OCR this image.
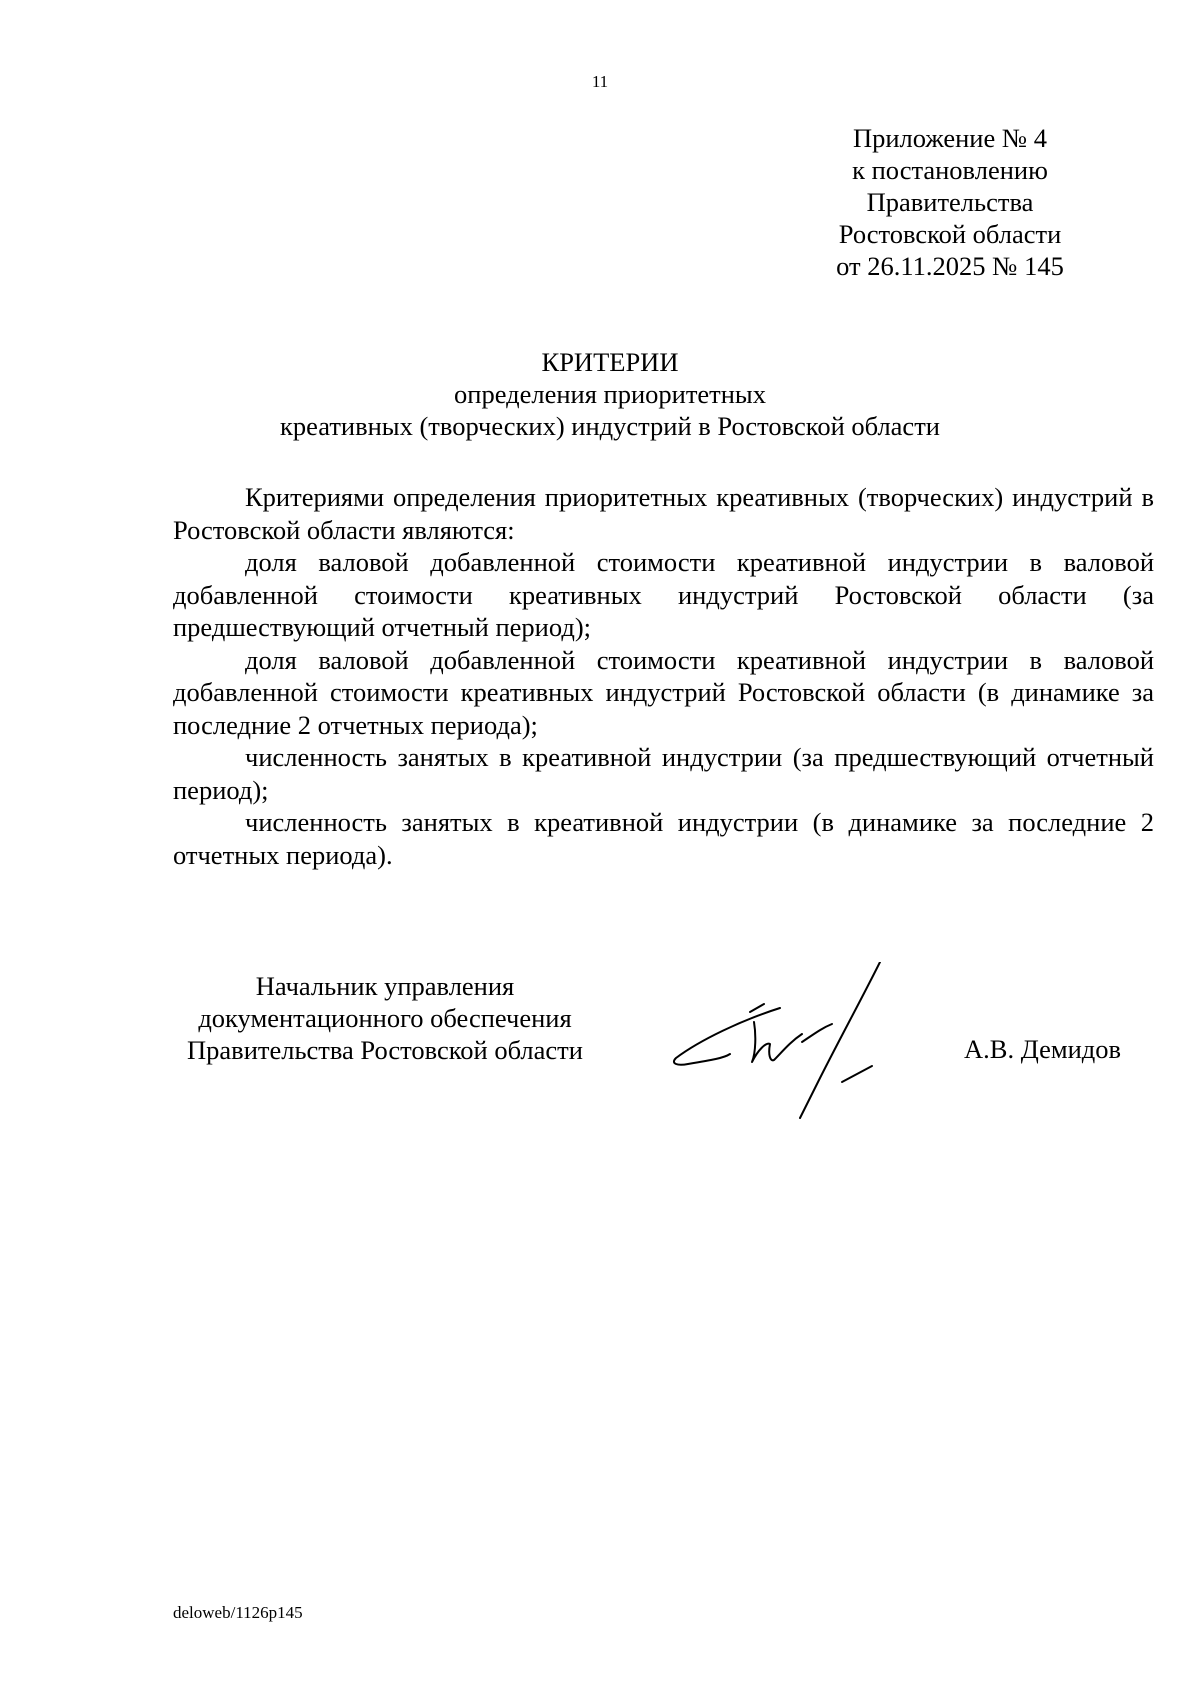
11
Приложение № 4
к постановлению
Правительства
Ростовской области
от 26.11.2025 № 145
КРИТЕРИИ
определения приоритетных
креативных (творческих) индустрий в Ростовской области

Критериями определения приоритетных креативных (творческих) индустрий в Ростовской области являются:

доля валовой добавленной стоимости креативной индустрии в валовой добавленной стоимости креативных индустрий Ростовской области (за предшествующий отчетный период);

доля валовой добавленной стоимости креативной индустрии в валовой добавленной стоимости креативных индустрий Ростовской области (в динамике за последние 2 отчетных периода);

численность занятых в креативной индустрии (за предшествующий отчетный период);

численность занятых в креативной индустрии (в динамике за последние 2 отчетных периода).

Начальник управления
документационного обеспечения
Правительства Ростовской области	А.В. Демидов
deloweb/1126p145
